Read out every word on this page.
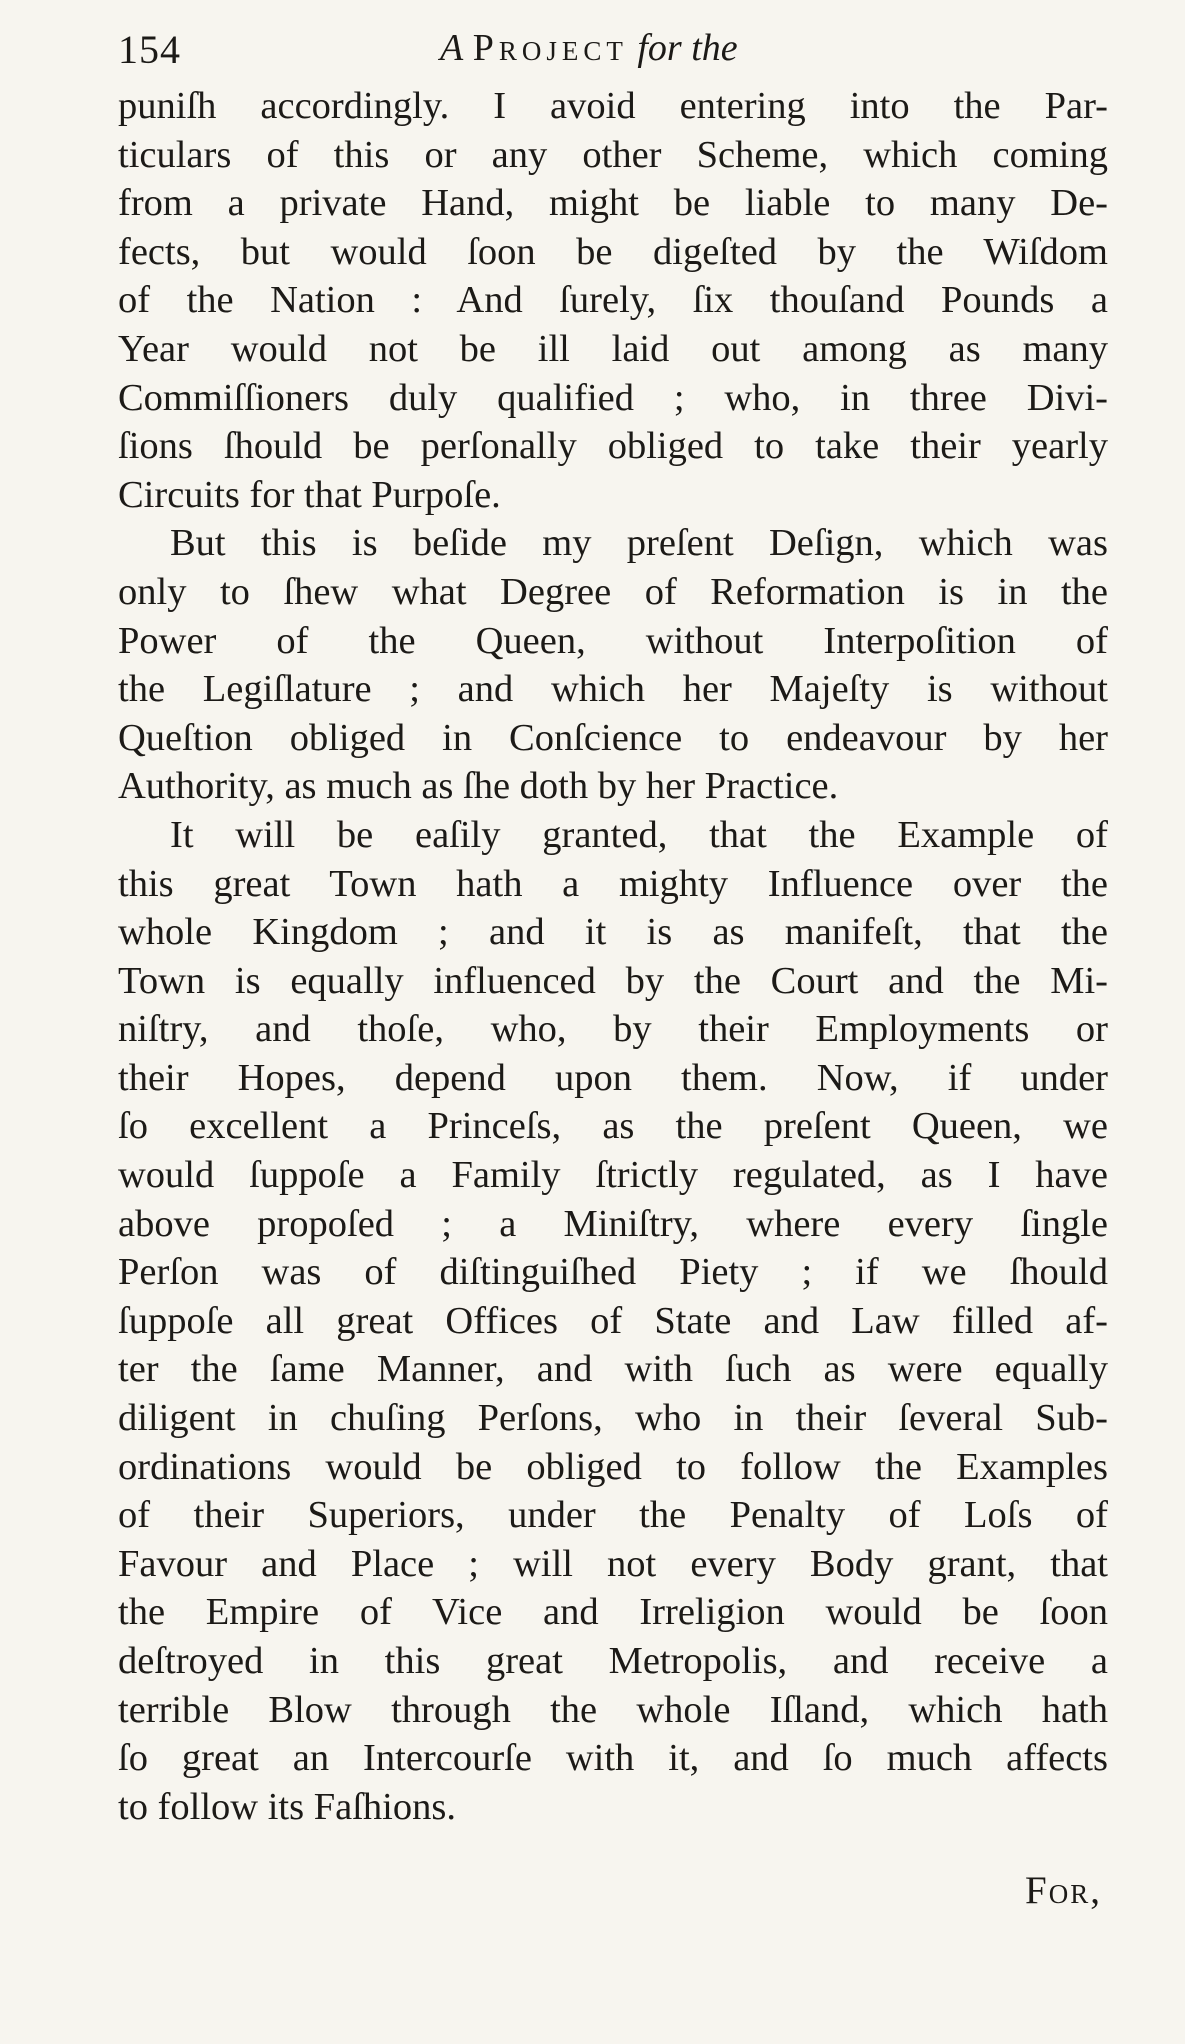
154	A Project for the
puniſh accordingly. I avoid entering into the Par-
ticulars of this or any other Scheme, which coming
from a private Hand, might be liable to many De-
fects, but would ſoon be digeſted by the Wiſdom
of the Nation : And ſurely, ſix thouſand Pounds a
Year would not be ill laid out among as many
Commiſſioners duly qualified ; who, in three Divi-
ſions ſhould be perſonally obliged to take their yearly
Circuits for that Purpoſe.
But this is beſide my preſent Deſign, which was
only to ſhew what Degree of Reformation is in the
Power of the Queen, without Interpoſition of
the Legiſlature ; and which her Majeſty is without
Queſtion obliged in Conſcience to endeavour by her
Authority, as much as ſhe doth by her Practice.
It will be eaſily granted, that the Example of
this great Town hath a mighty Influence over the
whole Kingdom ; and it is as manifeſt, that the
Town is equally influenced by the Court and the Mi-
niſtry, and thoſe, who, by their Employments or
their Hopes, depend upon them. Now, if under
ſo excellent a Princeſs, as the preſent Queen, we
would ſuppoſe a Family ſtrictly regulated, as I have
above propoſed ; a Miniſtry, where every ſingle
Perſon was of diſtinguiſhed Piety ; if we ſhould
ſuppoſe all great Offices of State and Law filled af-
ter the ſame Manner, and with ſuch as were equally
diligent in chuſing Perſons, who in their ſeveral Sub-
ordinations would be obliged to follow the Examples
of their Superiors, under the Penalty of Loſs of
Favour and Place ; will not every Body grant, that
the Empire of Vice and Irreligion would be ſoon
deſtroyed in this great Metropolis, and receive a
terrible Blow through the whole Iſland, which hath
ſo great an Intercourſe with it, and ſo much affects
to follow its Faſhions.
For,
